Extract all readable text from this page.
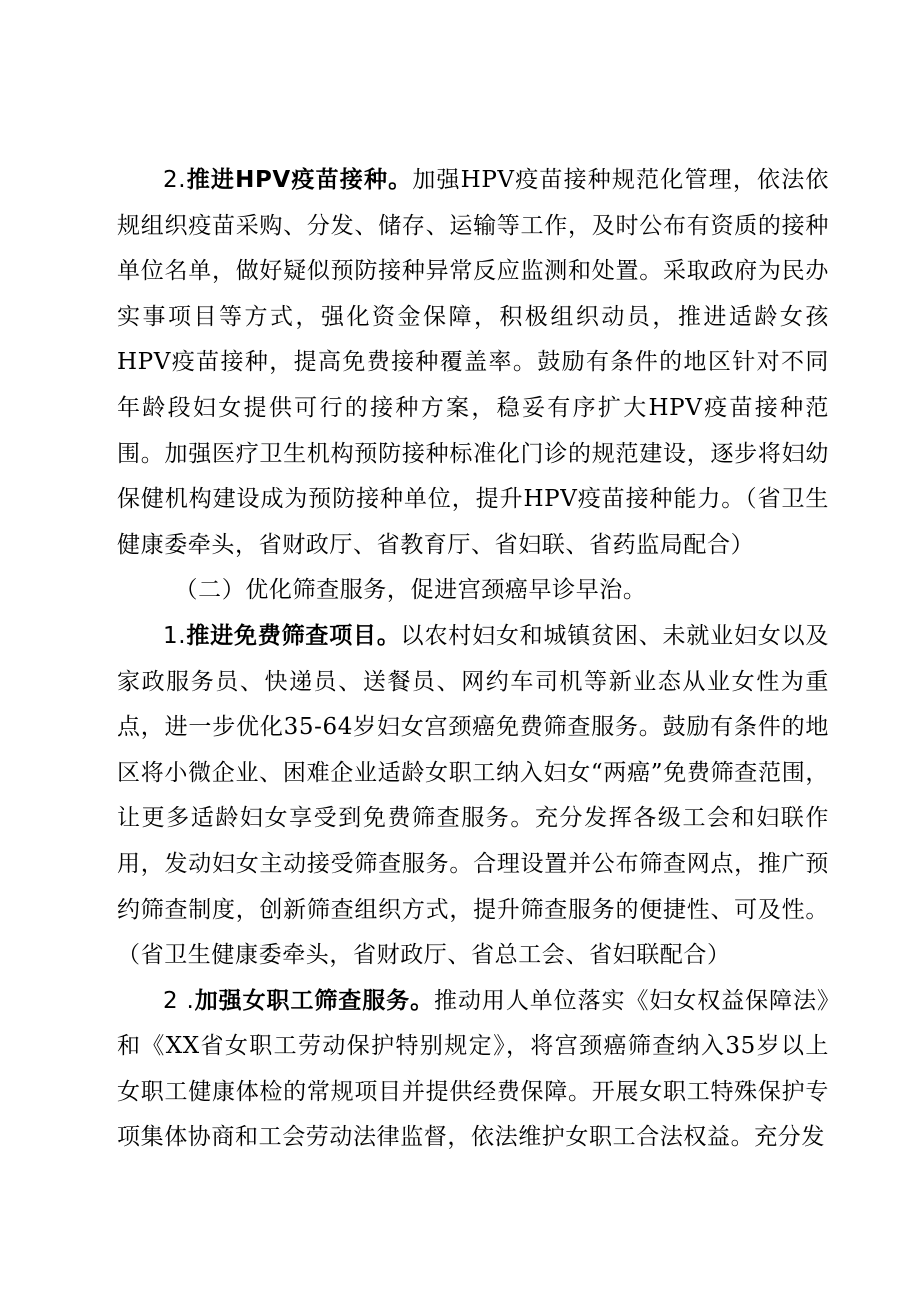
2.推进HPV疫苗接种。加强HPV疫苗接种规范化管理，依法依规组织疫苗采购、分发、储存、运输等工作，及时公布有资质的接种单位名单，做好疑似预防接种异常反应监测和处置。采取政府为民办实事项目等方式，强化资金保障，积极组织动员，推进适龄女孩HPV疫苗接种，提高免费接种覆盖率。鼓励有条件的地区针对不同年龄段妇女提供可行的接种方案，稳妥有序扩大HPV疫苗接种范围。加强医疗卫生机构预防接种标准化门诊的规范建设，逐步将妇幼保健机构建设成为预防接种单位，提升HPV疫苗接种能力。（省卫生健康委牵头，省财政厅、省教育厅、省妇联、省药监局配合）

（二）优化筛查服务，促进宫颈癌早诊早治。

1.推进免费筛查项目。以农村妇女和城镇贫困、未就业妇女以及家政服务员、快递员、送餐员、网约车司机等新业态从业女性为重点，进一步优化35-64岁妇女宫颈癌免费筛查服务。鼓励有条件的地区将小微企业、困难企业适龄女职工纳入妇女“两癌”免费筛查范围，让更多适龄妇女享受到免费筛查服务。充分发挥各级工会和妇联作用，发动妇女主动接受筛查服务。合理设置并公布筛查网点，推广预约筛查制度，创新筛查组织方式，提升筛查服务的便捷性、可及性。（省卫生健康委牵头，省财政厅、省总工会、省妇联配合）

2 .加强女职工筛查服务。推动用人单位落实《妇女权益保障法》和《XX省女职工劳动保护特别规定》，将宫颈癌筛查纳入35岁以上女职工健康体检的常规项目并提供经费保障。开展女职工特殊保护专项集体协商和工会劳动法律监督，依法维护女职工合法权益。充分发
